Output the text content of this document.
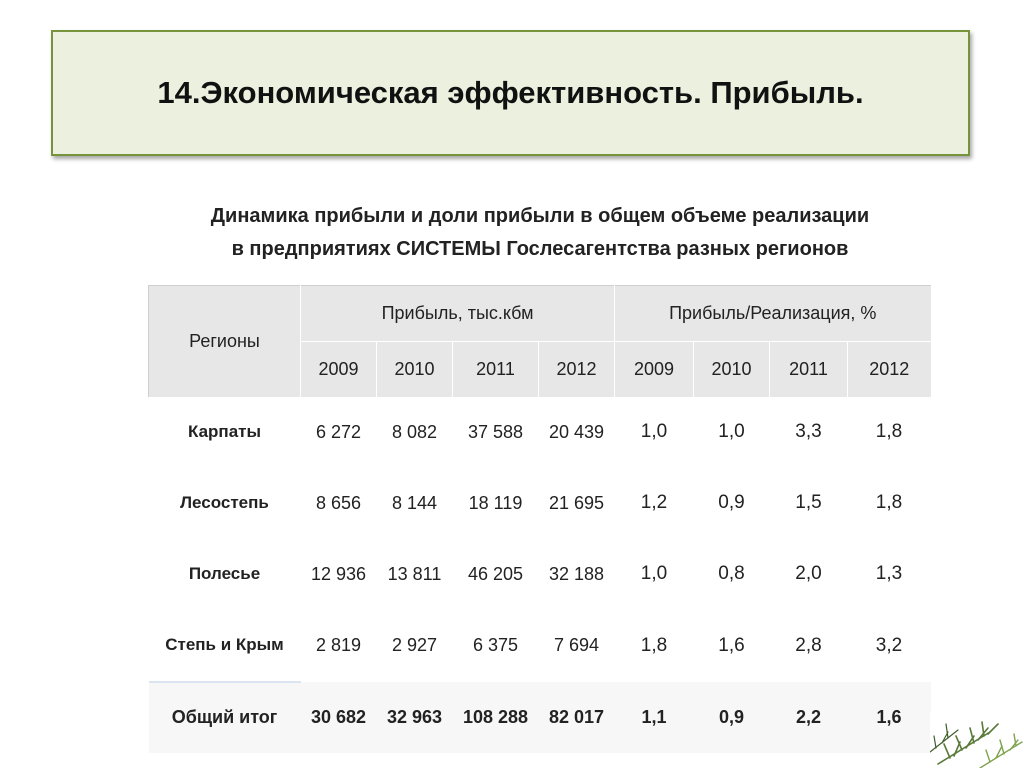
14.Экономическая эффективность. Прибыль.
Динамика прибыли и доли прибыли в общем объеме реализации
в предприятиях СИСТЕМЫ Гослесагентства разных регионов
Регионы	Прибыль, тыс.кбм				Прибыль/Реализация, %			
	2009	2010	2011	2012	2009	2010	2011	2012
Карпаты	6 272	8 082	37 588	20 439	1,0	1,0	3,3	1,8
Лесостепь	8 656	8 144	18 119	21 695	1,2	0,9	1,5	1,8
Полесье	12 936	13 811	46 205	32 188	1,0	0,8	2,0	1,3
Степь и Крым	2 819	2 927	6 375	7 694	1,8	1,6	2,8	3,2
Общий итог	30 682	32 963	108 288	82 017	1,1	0,9	2,2	1,6
